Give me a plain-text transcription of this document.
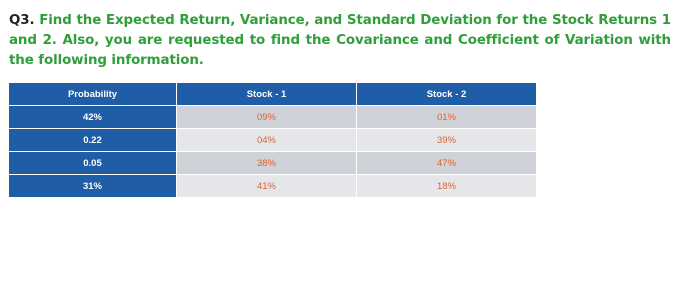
Q3. Find the Expected Return, Variance, and Standard Deviation for the Stock Returns 1 and 2. Also, you are requested to find the Covariance and Coefficient of Variation with the following information.
Probability	Stock - 1	Stock - 2
42%	09%	01%
0.22	04%	39%
0.05	38%	47%
31%	41%	18%
